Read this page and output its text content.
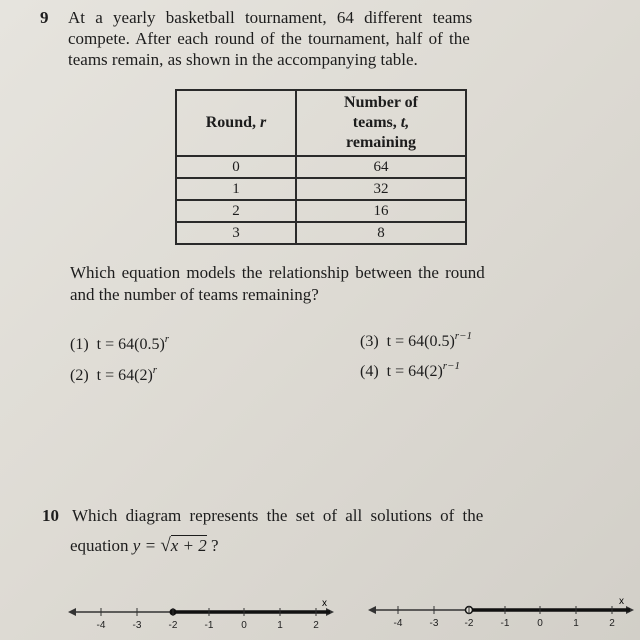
9 At a yearly basketball tournament, 64 different teams
compete. After each round of the tournament, half of the
teams remain, as shown in the accompanying table.
Round, r	Number of
teams, t,
remaining

0	64
1	32
2	16
3	8
Which equation models the relationship between the round
and the number of teams remaining?
(1) $t = 64(0.5)^r$
(2) $t = 64(2)^r$
(3) $t = 64(0.5)^{r-1}$
(4) $t = 64(2)^{r-1}$
10 Which diagram represents the set of all solutions of the
equation y = √x + 2 ?
x
-4	-3	-2	-1	0	1	2
x
-4	-3	-2	-1	0	1	2
